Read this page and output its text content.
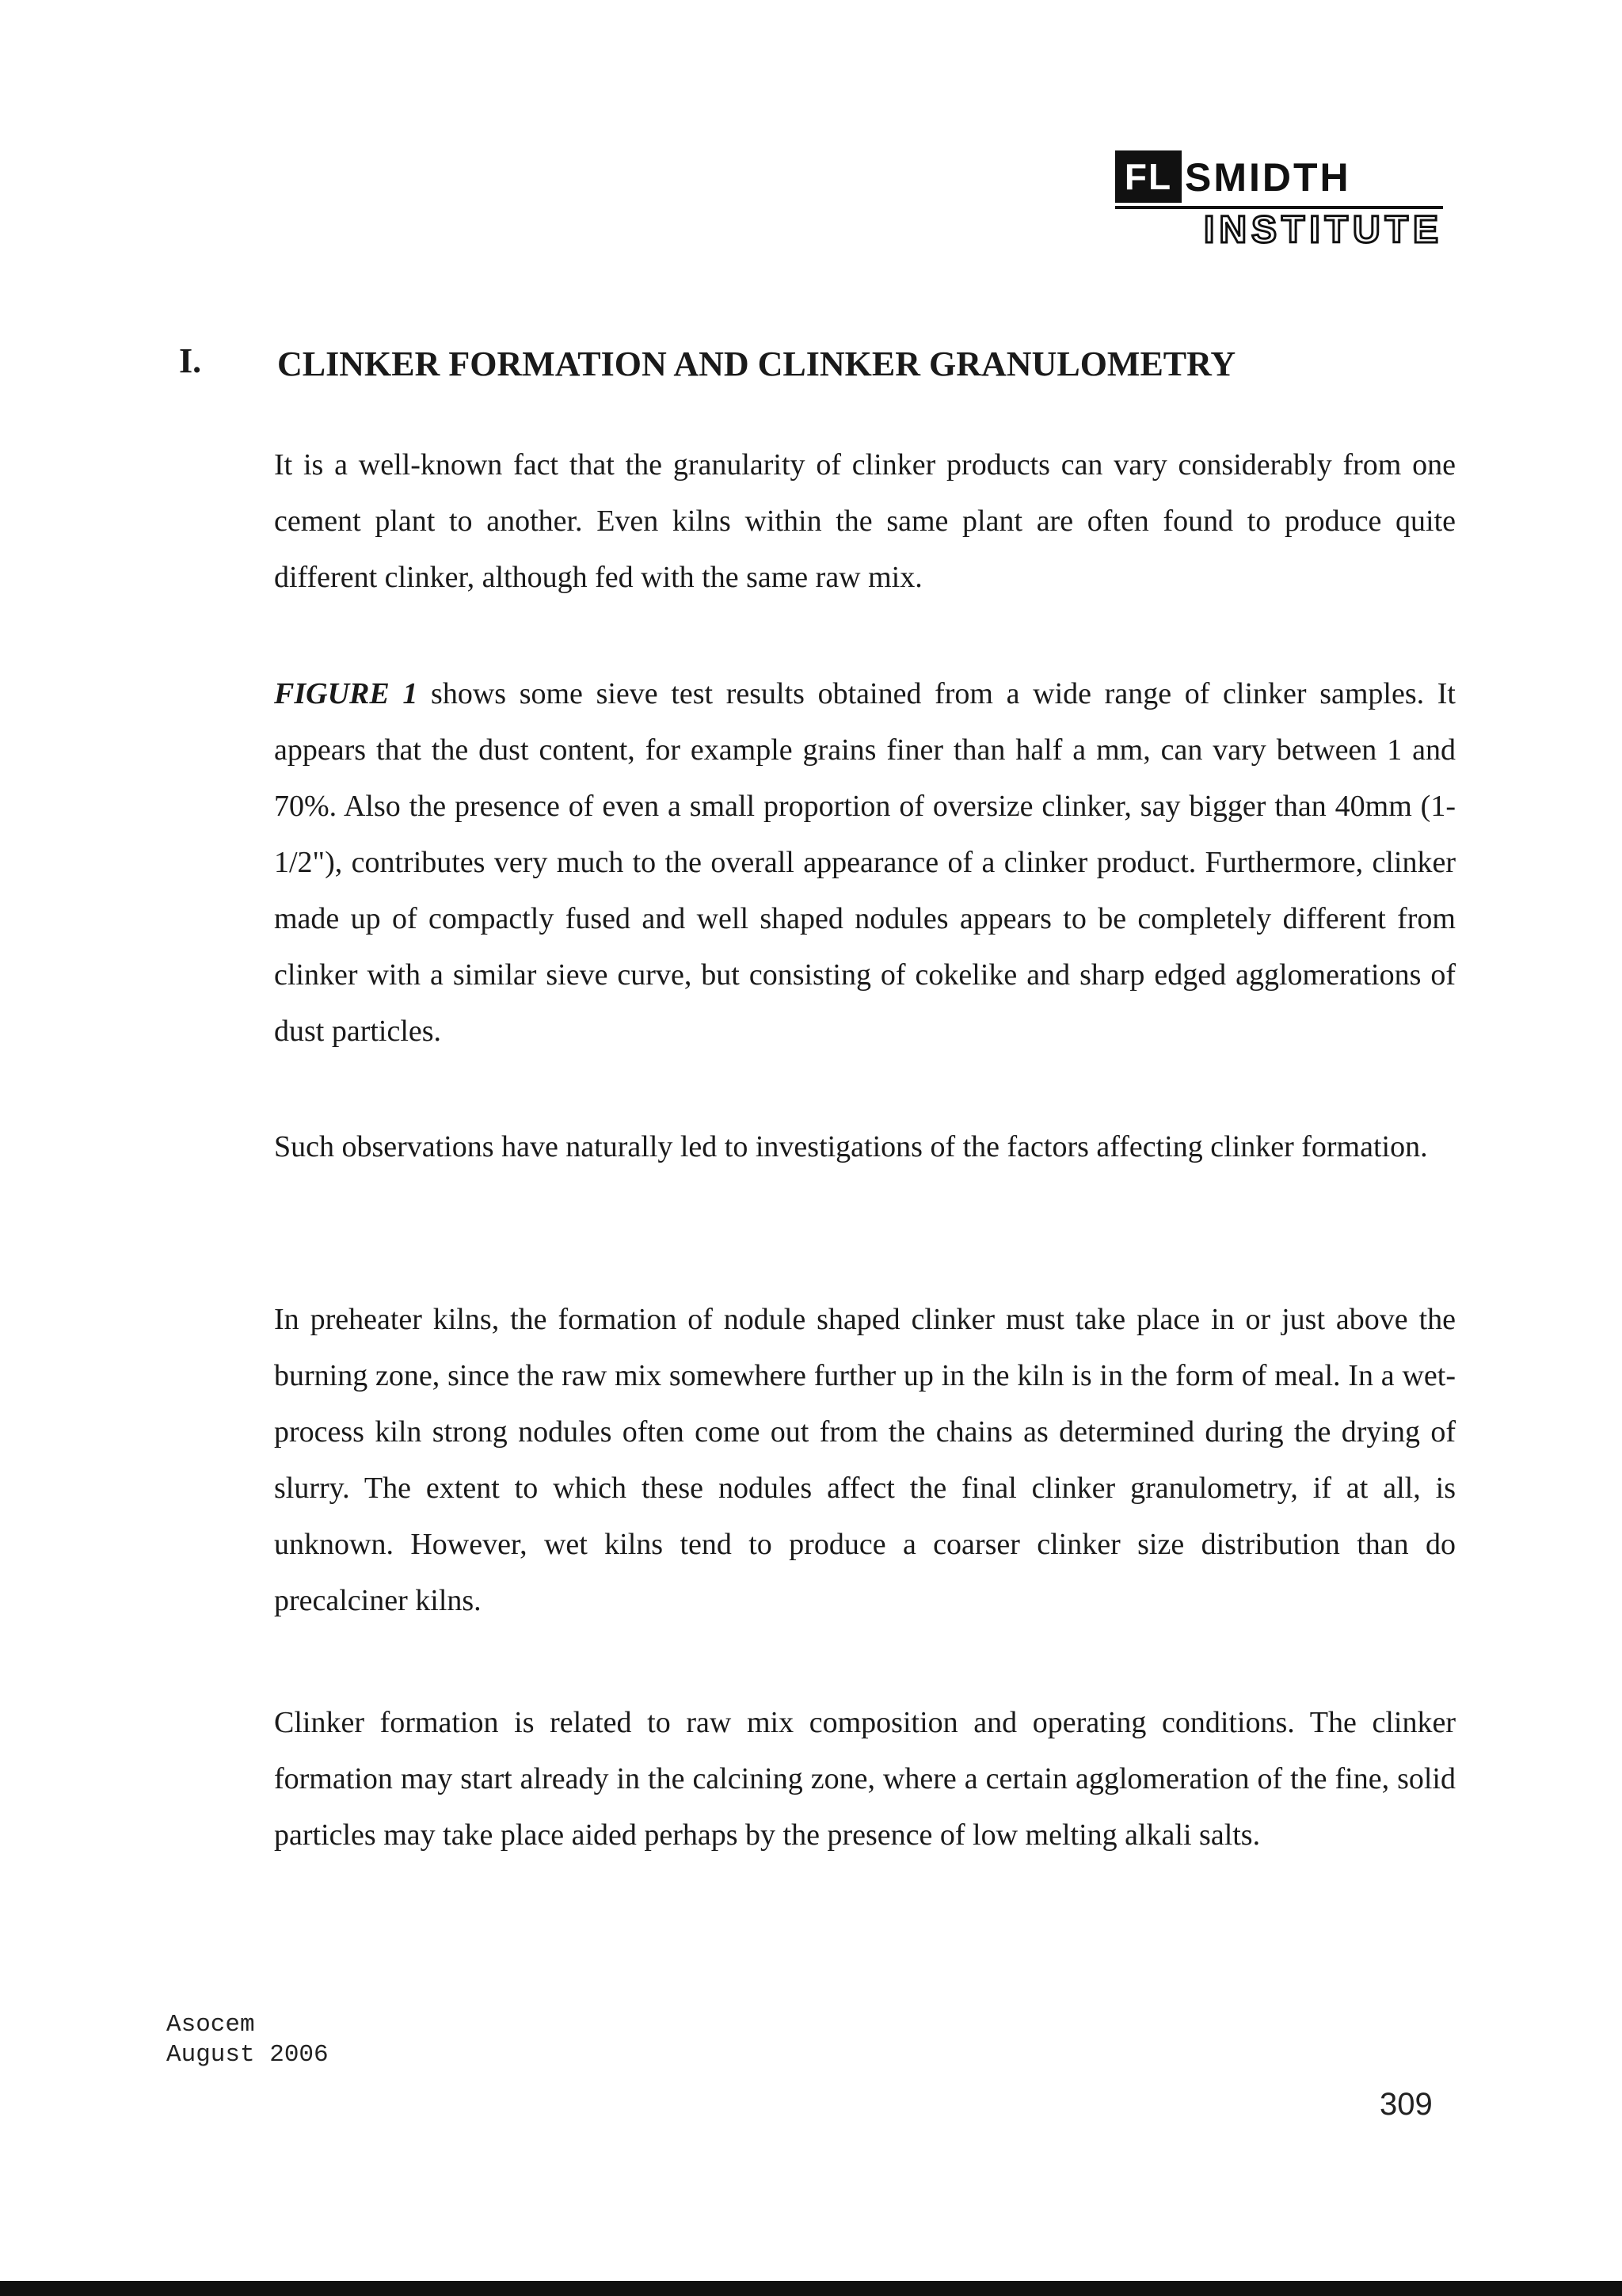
FL SMIDTH
INSTITUTE
I. CLINKER FORMATION AND CLINKER GRANULOMETRY

It is a well-known fact that the granularity of clinker products can vary considerably from one cement plant to another. Even kilns within the same plant are often found to produce quite different clinker, although fed with the same raw mix.

FIGURE 1 shows some sieve test results obtained from a wide range of clinker samples. It appears that the dust content, for example grains finer than half a mm, can vary between 1 and 70%. Also the presence of even a small proportion of oversize clinker, say bigger than 40mm (1-1/2"), contributes very much to the overall appearance of a clinker product. Furthermore, clinker made up of compactly fused and well shaped nodules appears to be completely different from clinker with a similar sieve curve, but consisting of cokelike and sharp edged agglomerations of dust particles.

Such observations have naturally led to investigations of the factors affecting clinker formation.

In preheater kilns, the formation of nodule shaped clinker must take place in or just above the burning zone, since the raw mix somewhere further up in the kiln is in the form of meal. In a wet-process kiln strong nodules often come out from the chains as determined during the drying of slurry. The extent to which these nodules affect the final clinker granulometry, if at all, is unknown. However, wet kilns tend to produce a coarser clinker size distribution than do precalciner kilns.

Clinker formation is related to raw mix composition and operating conditions. The clinker formation may start already in the calcining zone, where a certain agglomeration of the fine, solid particles may take place aided perhaps by the presence of low melting alkali salts.

Asocem
August 2006
309
